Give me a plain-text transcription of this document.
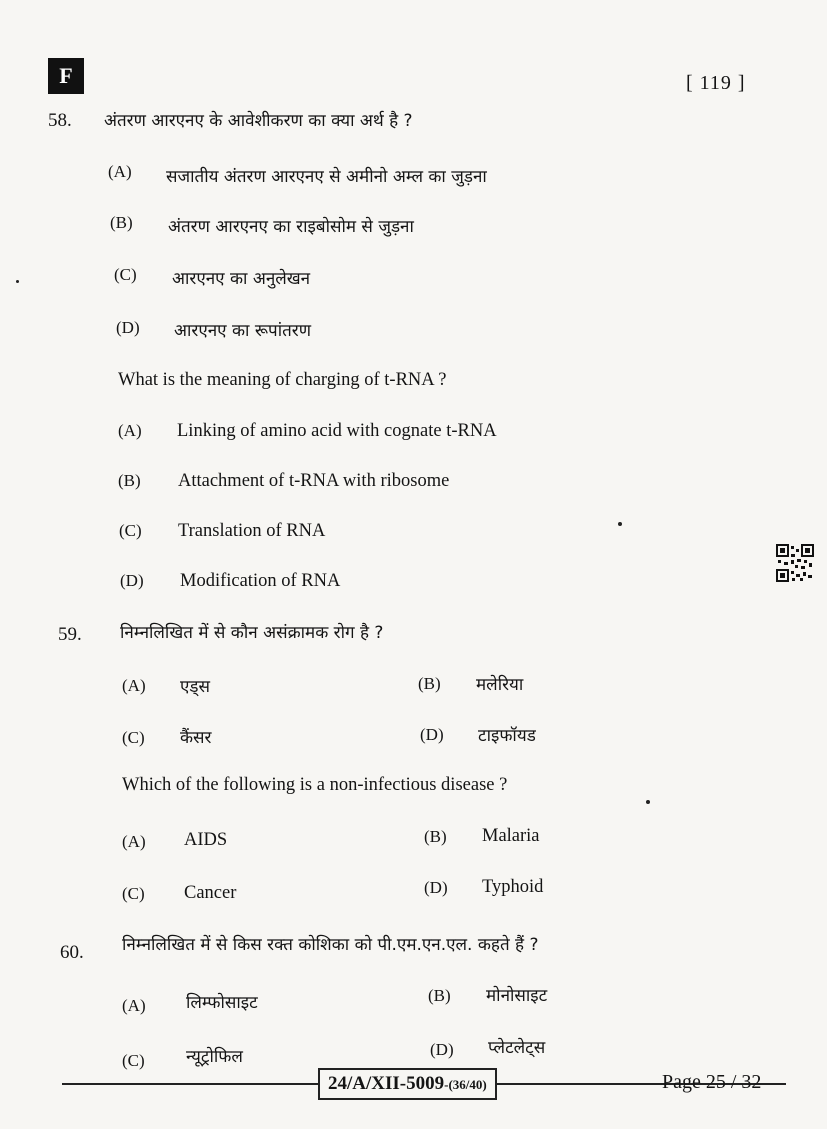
F	[ 119 ]
58. अंतरण आरएनए के आवेशीकरण का क्या अर्थ है ?
(A) सजातीय अंतरण आरएनए से अमीनो अम्ल का जुड़ना
(B) अंतरण आरएनए का राइबोसोम से जुड़ना
(C) आरएनए का अनुलेखन
(D) आरएनए का रूपांतरण
What is the meaning of charging of t-RNA ?
(A) Linking of amino acid with cognate t-RNA
(B) Attachment of t-RNA with ribosome
(C) Translation of RNA
(D) Modification of RNA
59. निम्नलिखित में से कौन असंक्रामक रोग है ?
(A) एड्स	(B) मलेरिया
(C) कैंसर	(D) टाइफॉयड
Which of the following is a non-infectious disease ?
(A) AIDS	(B) Malaria
(C) Cancer	(D) Typhoid
60. निम्नलिखित में से किस रक्त कोशिका को पी.एम.एन.एल. कहते हैं ?
(A) लिम्फोसाइट	(B) मोनोसाइट
(C) न्यूट्रोफिल	(D) प्लेटलेट्स
24/A/XII-5009-(36/40)	Page 25 / 32
